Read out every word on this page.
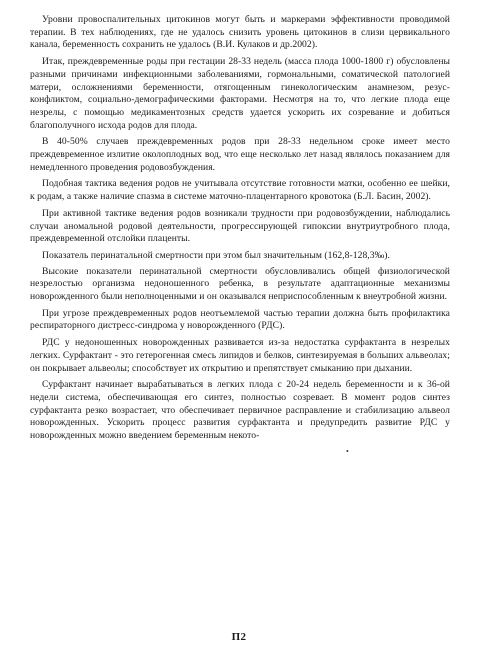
Уровни провоспалительных цитокинов могут быть и маркерами эффективности проводимой терапии. В тех наблюдениях, где не удалось снизить уровень цитокинов в слизи цервикального канала, беременность сохранить не удалось (В.И. Кулаков и др.2002).

Итак, преждевременные роды при гестации 28-33 недель (масса плода 1000-1800 г) обусловлены разными причинами инфекционными заболеваниями, гормональными, соматической патологией матери, осложнениями беременности, отягощенным гинекологическим анамнезом, резус-конфликтом, социально-демографическими факторами. Несмотря на то, что легкие плода еще незрелы, с помощью медикаментозных средств удается ускорить их созревание и добиться благополучного исхода родов для плода.

В 40-50% случаев преждевременных родов при 28-33 недельном сроке имеет место преждевременное излитие околоплодных вод, что еще несколько лет назад являлось показанием для немедленного проведения родовозбуждения.

Подобная тактика ведения родов не учитывала отсутствие готовности матки, особенно ее шейки, к родам, а также наличие спазма в системе маточно-плацентарного кровотока (Б.Л. Басин, 2002).

При активной тактике ведения родов возникали трудности при родовозбуждении, наблюдались случаи аномальной родовой деятельности, прогрессирующей гипоксии внутриутробного плода, преждевременной отслойки плаценты.

Показатель перинатальной смертности при этом был значительным (162,8-128,3‰).

Высокие показатели перинатальной смертности обусловливались общей физиологической незрелостью организма недоношенного ребенка, в результате адаптационные механизмы новорожденного были неполноценными и он оказывался неприспособленным к внеутробной жизни.

При угрозе преждевременных родов неотъемлемой частью терапии должна быть профилактика респираторного дистресс-синдрома у новорожденного (РДС).

РДС у недоношенных новорожденных развивается из-за недостатка сурфактанта в незрелых легких. Сурфактант - это гетерогенная смесь липидов и белков, синтезируемая в больших альвеолах; он покрывает альвеолы; способствует их открытию и препятствует смыканию при дыхании.

Сурфактант начинает вырабатываться в легких плода с 20-24 недель беременности и к 36-ой недели система, обеспечивающая его синтез, полностью созревает. В момент родов синтез сурфактанта резко возрастает, что обеспечивает первичное расправление и стабилизацию альвеол новорожденных. Ускорить процесс развития сурфактанта и предупредить развитие РДС у новорожденных можно введением беременным некото-

•
П2
